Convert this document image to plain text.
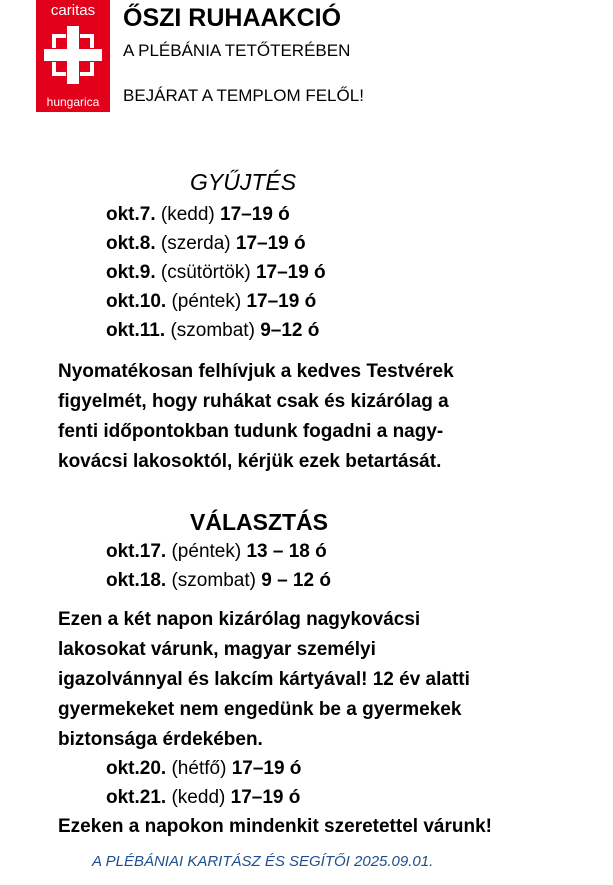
caritas
hungarica
ŐSZI RUHAAKCIÓ
A PLÉBÁNIA TETŐTERÉBEN
BEJÁRAT A TEMPLOM FELŐL!
GYŰJTÉS
okt.7. (kedd) 17–19 ó
okt.8. (szerda) 17–19 ó
okt.9. (csütörtök) 17–19 ó
okt.10. (péntek) 17–19 ó
okt.11. (szombat) 9–12 ó
Nyomatékosan felhívjuk a kedves Testvérek
figyelmét, hogy ruhákat csak és kizárólag a
fenti időpontokban tudunk fogadni a nagy-
kovácsi lakosoktól, kérjük ezek betartását.
VÁLASZTÁS
okt.17. (péntek) 13 – 18 ó
okt.18. (szombat) 9 – 12 ó
Ezen a két napon kizárólag nagykovácsi
lakosokat várunk, magyar személyi
igazolvánnyal és lakcím kártyával! 12 év alatti
gyermekeket nem engedünk be a gyermekek
biztonsága érdekében.
okt.20. (hétfő) 17–19 ó
okt.21. (kedd) 17–19 ó
Ezeken a napokon mindenkit szeretettel várunk!
A PLÉBÁNIAI KARITÁSZ ÉS SEGÍTŐI 2025.09.01.
